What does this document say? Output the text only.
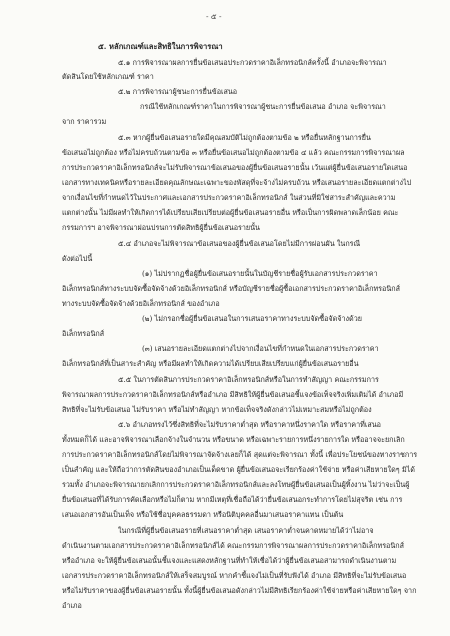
- ๕ -
๕. หลักเกณฑ์และสิทธิในการพิจารณา
๕.๑ การพิจารณาผลการยื่นข้อเสนอประกวดราคาอิเล็กทรอนิกส์ครั้งนี้ อำเภอจะพิจารณา
ตัดสินโดยใช้หลักเกณฑ์ ราคา
๕.๒ การพิจารณาผู้ชนะการยื่นข้อเสนอ
กรณีใช้หลักเกณฑ์ราคาในการพิจารณาผู้ชนะการยื่นข้อเสนอ อำเภอ จะพิจารณา
จาก ราคารวม
๕.๓ หากผู้ยื่นข้อเสนอรายใดมีคุณสมบัติไม่ถูกต้องตามข้อ ๒ หรือยื่นหลักฐานการยื่น
ข้อเสนอไม่ถูกต้อง หรือไม่ครบถ้วนตามข้อ ๓ หรือยื่นข้อเสนอไม่ถูกต้องตามข้อ ๔ แล้ว คณะกรรมการพิจารณาผล
การประกวดราคาอิเล็กทรอนิกส์จะไม่รับพิจารณาข้อเสนอของผู้ยื่นข้อเสนอรายนั้น เว้นแต่ผู้ยื่นข้อเสนอรายใดเสนอ
เอกสารทางเทคนิคหรือรายละเอียดคุณลักษณะเฉพาะของพัสดุที่จะจ้างไม่ครบถ้วน หรือเสนอรายละเอียดแตกต่างไป
จากเงื่อนไขที่กำหนดไว้ในประกาศและเอกสารประกวดราคาอิเล็กทรอนิกส์ ในส่วนที่มิใช่สาระสำคัญและความ
แตกต่างนั้น ไม่มีผลทำให้เกิดการได้เปรียบเสียเปรียบต่อผู้ยื่นข้อเสนอรายอื่น หรือเป็นการผิดพลาดเล็กน้อย คณะ
กรรมการฯ อาจพิจารณาผ่อนปรนการตัดสิทธิผู้ยื่นข้อเสนอรายนั้น
๕.๔ อำเภอจะไม่พิจารณาข้อเสนอของผู้ยื่นข้อเสนอโดยไม่มีการผ่อนผัน ในกรณี
ดังต่อไปนี้
(๑) ไม่ปรากฏชื่อผู้ยื่นข้อเสนอรายนั้นในบัญชีรายชื่อผู้รับเอกสารประกวดราคา
อิเล็กทรอนิกส์ทางระบบจัดซื้อจัดจ้างด้วยอิเล็กทรอนิกส์ หรือบัญชีรายชื่อผู้ซื้อเอกสารประกวดราคาอิเล็กทรอนิกส์
ทางระบบจัดซื้อจัดจ้างด้วยอิเล็กทรอนิกส์ ของอำเภอ
(๒) ไม่กรอกชื่อผู้ยื่นข้อเสนอในการเสนอราคาทางระบบจัดซื้อจัดจ้างด้วย
อิเล็กทรอนิกส์
(๓) เสนอรายละเอียดแตกต่างไปจากเงื่อนไขที่กำหนดในเอกสารประกวดราคา
อิเล็กทรอนิกส์ที่เป็นสาระสำคัญ หรือมีผลทำให้เกิดความได้เปรียบเสียเปรียบแก่ผู้ยื่นข้อเสนอรายอื่น
๕.๕ ในการตัดสินการประกวดราคาอิเล็กทรอนิกส์หรือในการทำสัญญา คณะกรรมการ
พิจารณาผลการประกวดราคาอิเล็กทรอนิกส์หรืออำเภอ มีสิทธิให้ผู้ยื่นข้อเสนอชี้แจงข้อเท็จจริงเพิ่มเติมได้ อำเภอมี
สิทธิที่จะไม่รับข้อเสนอ ไม่รับราคา หรือไม่ทำสัญญา หากข้อเท็จจริงดังกล่าวไม่เหมาะสมหรือไม่ถูกต้อง
๕.๖ อำเภอทรงไว้ซึ่งสิทธิที่จะไม่รับราคาต่ำสุด หรือราคาหนึ่งราคาใด หรือราคาที่เสนอ
ทั้งหมดก็ได้ และอาจพิจารณาเลือกจ้างในจำนวน หรือขนาด หรือเฉพาะรายการหนึ่งรายการใด หรืออาจจะยกเลิก
การประกวดราคาอิเล็กทรอนิกส์โดยไม่พิจารณาจัดจ้างเลยก็ได้ สุดแต่จะพิจารณา ทั้งนี้ เพื่อประโยชน์ของทางราชการ
เป็นสำคัญ และให้ถือว่าการตัดสินของอำเภอเป็นเด็ดขาด ผู้ยื่นข้อเสนอจะเรียกร้องค่าใช้จ่าย หรือค่าเสียหายใดๆ มิได้
รวมทั้ง อำเภอจะพิจารณายกเลิกการประกวดราคาอิเล็กทรอนิกส์และลงโทษผู้ยื่นข้อเสนอเป็นผู้ทิ้งงาน ไม่ว่าจะเป็นผู้
ยื่นข้อเสนอที่ได้รับการคัดเลือกหรือไม่ก็ตาม หากมีเหตุที่เชื่อถือได้ว่ายื่นข้อเสนอกระทำการโดยไม่สุจริต เช่น การ
เสนอเอกสารอันเป็นเท็จ หรือใช้ชื่อบุคคลธรรมดา หรือนิติบุคคลอื่นมาเสนอราคาแทน เป็นต้น
ในกรณีที่ผู้ยื่นข้อเสนอรายที่เสนอราคาต่ำสุด เสนอราคาต่ำจนคาดหมายได้ว่าไม่อาจ
ดำเนินงานตามเอกสารประกวดราคาอิเล็กทรอนิกส์ได้ คณะกรรมการพิจารณาผลการประกวดราคาอิเล็กทรอนิกส์
หรืออำเภอ จะให้ผู้ยื่นข้อเสนอนั้นชี้แจงและแสดงหลักฐานที่ทำให้เชื่อได้ว่าผู้ยื่นข้อเสนอสามารถดำเนินงานตาม
เอกสารประกวดราคาอิเล็กทรอนิกส์ให้เสร็จสมบูรณ์ หากคำชี้แจงไม่เป็นที่รับฟังได้ อำเภอ มีสิทธิที่จะไม่รับข้อเสนอ
หรือไม่รับราคาของผู้ยื่นข้อเสนอรายนั้น ทั้งนี้ผู้ยื่นข้อเสนอดังกล่าวไม่มีสิทธิเรียกร้องค่าใช้จ่ายหรือค่าเสียหายใดๆ จาก
อำเภอ
